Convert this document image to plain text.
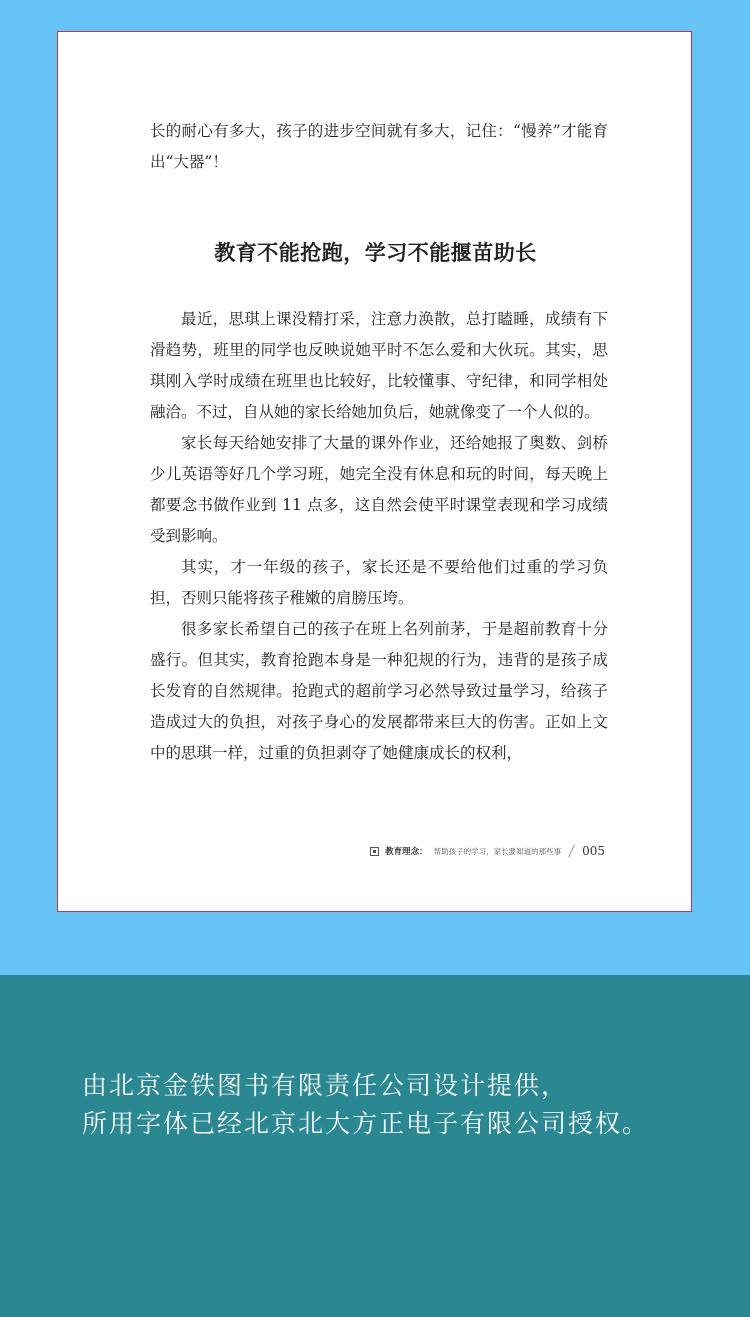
长的耐心有多大，孩子的进步空间就有多大，记住：“慢养”才能育出“大器”！
教育不能抢跑，学习不能揠苗助长

最近，思琪上课没精打采，注意力涣散，总打瞌睡，成绩有下滑趋势，班里的同学也反映说她平时不怎么爱和大伙玩。其实，思琪刚入学时成绩在班里也比较好，比较懂事、守纪律，和同学相处融洽。不过，自从她的家长给她加负后，她就像变了一个人似的。

家长每天给她安排了大量的课外作业，还给她报了奥数、剑桥少儿英语等好几个学习班，她完全没有休息和玩的时间，每天晚上都要念书做作业到 11 点多，这自然会使平时课堂表现和学习成绩受到影响。

其实，才一年级的孩子，家长还是不要给他们过重的学习负担，否则只能将孩子稚嫩的肩膀压垮。

很多家长希望自己的孩子在班上名列前茅，于是超前教育十分盛行。但其实，教育抢跑本身是一种犯规的行为，违背的是孩子成长发育的自然规律。抢跑式的超前学习必然导致过量学习，给孩子造成过大的负担，对孩子身心的发展都带来巨大的伤害。正如上文中的思琪一样，过重的负担剥夺了她健康成长的权利，

教育理念： 帮助孩子的学习，家长要知道的那些事 005
由北京金铁图书有限责任公司设计提供，
所用字体已经北京北大方正电子有限公司授权。
